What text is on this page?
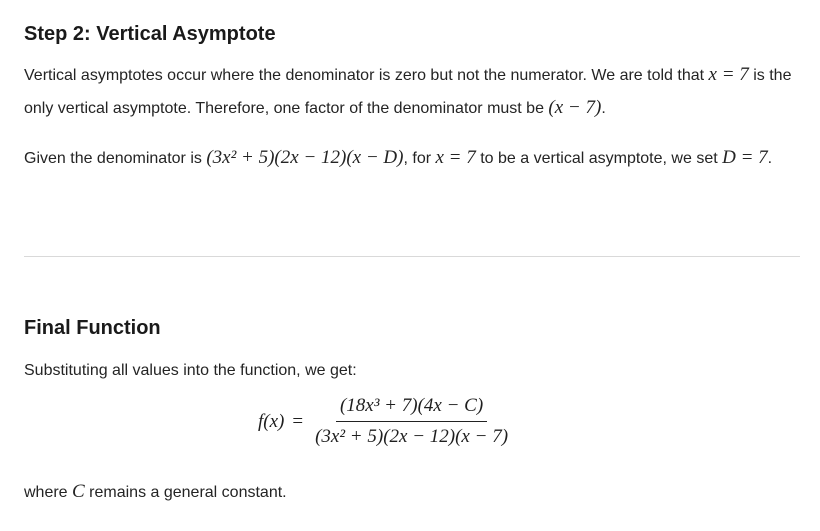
Step 2: Vertical Asymptote

Vertical asymptotes occur where the denominator is zero but not the numerator. We are told that x = 7 is the only vertical asymptote. Therefore, one factor of the denominator must be (x − 7).

Given the denominator is (3x² + 5)(2x − 12)(x − D), for x = 7 to be a vertical asymptote, we set D = 7.

Final Function

Substituting all values into the function, we get:

$f(x) = \frac{\text{(18x³ + 7)(4x − C)}}{\text{(3x² + 5)(2x − 12)(x − 7)}}$

where C remains a general constant.
